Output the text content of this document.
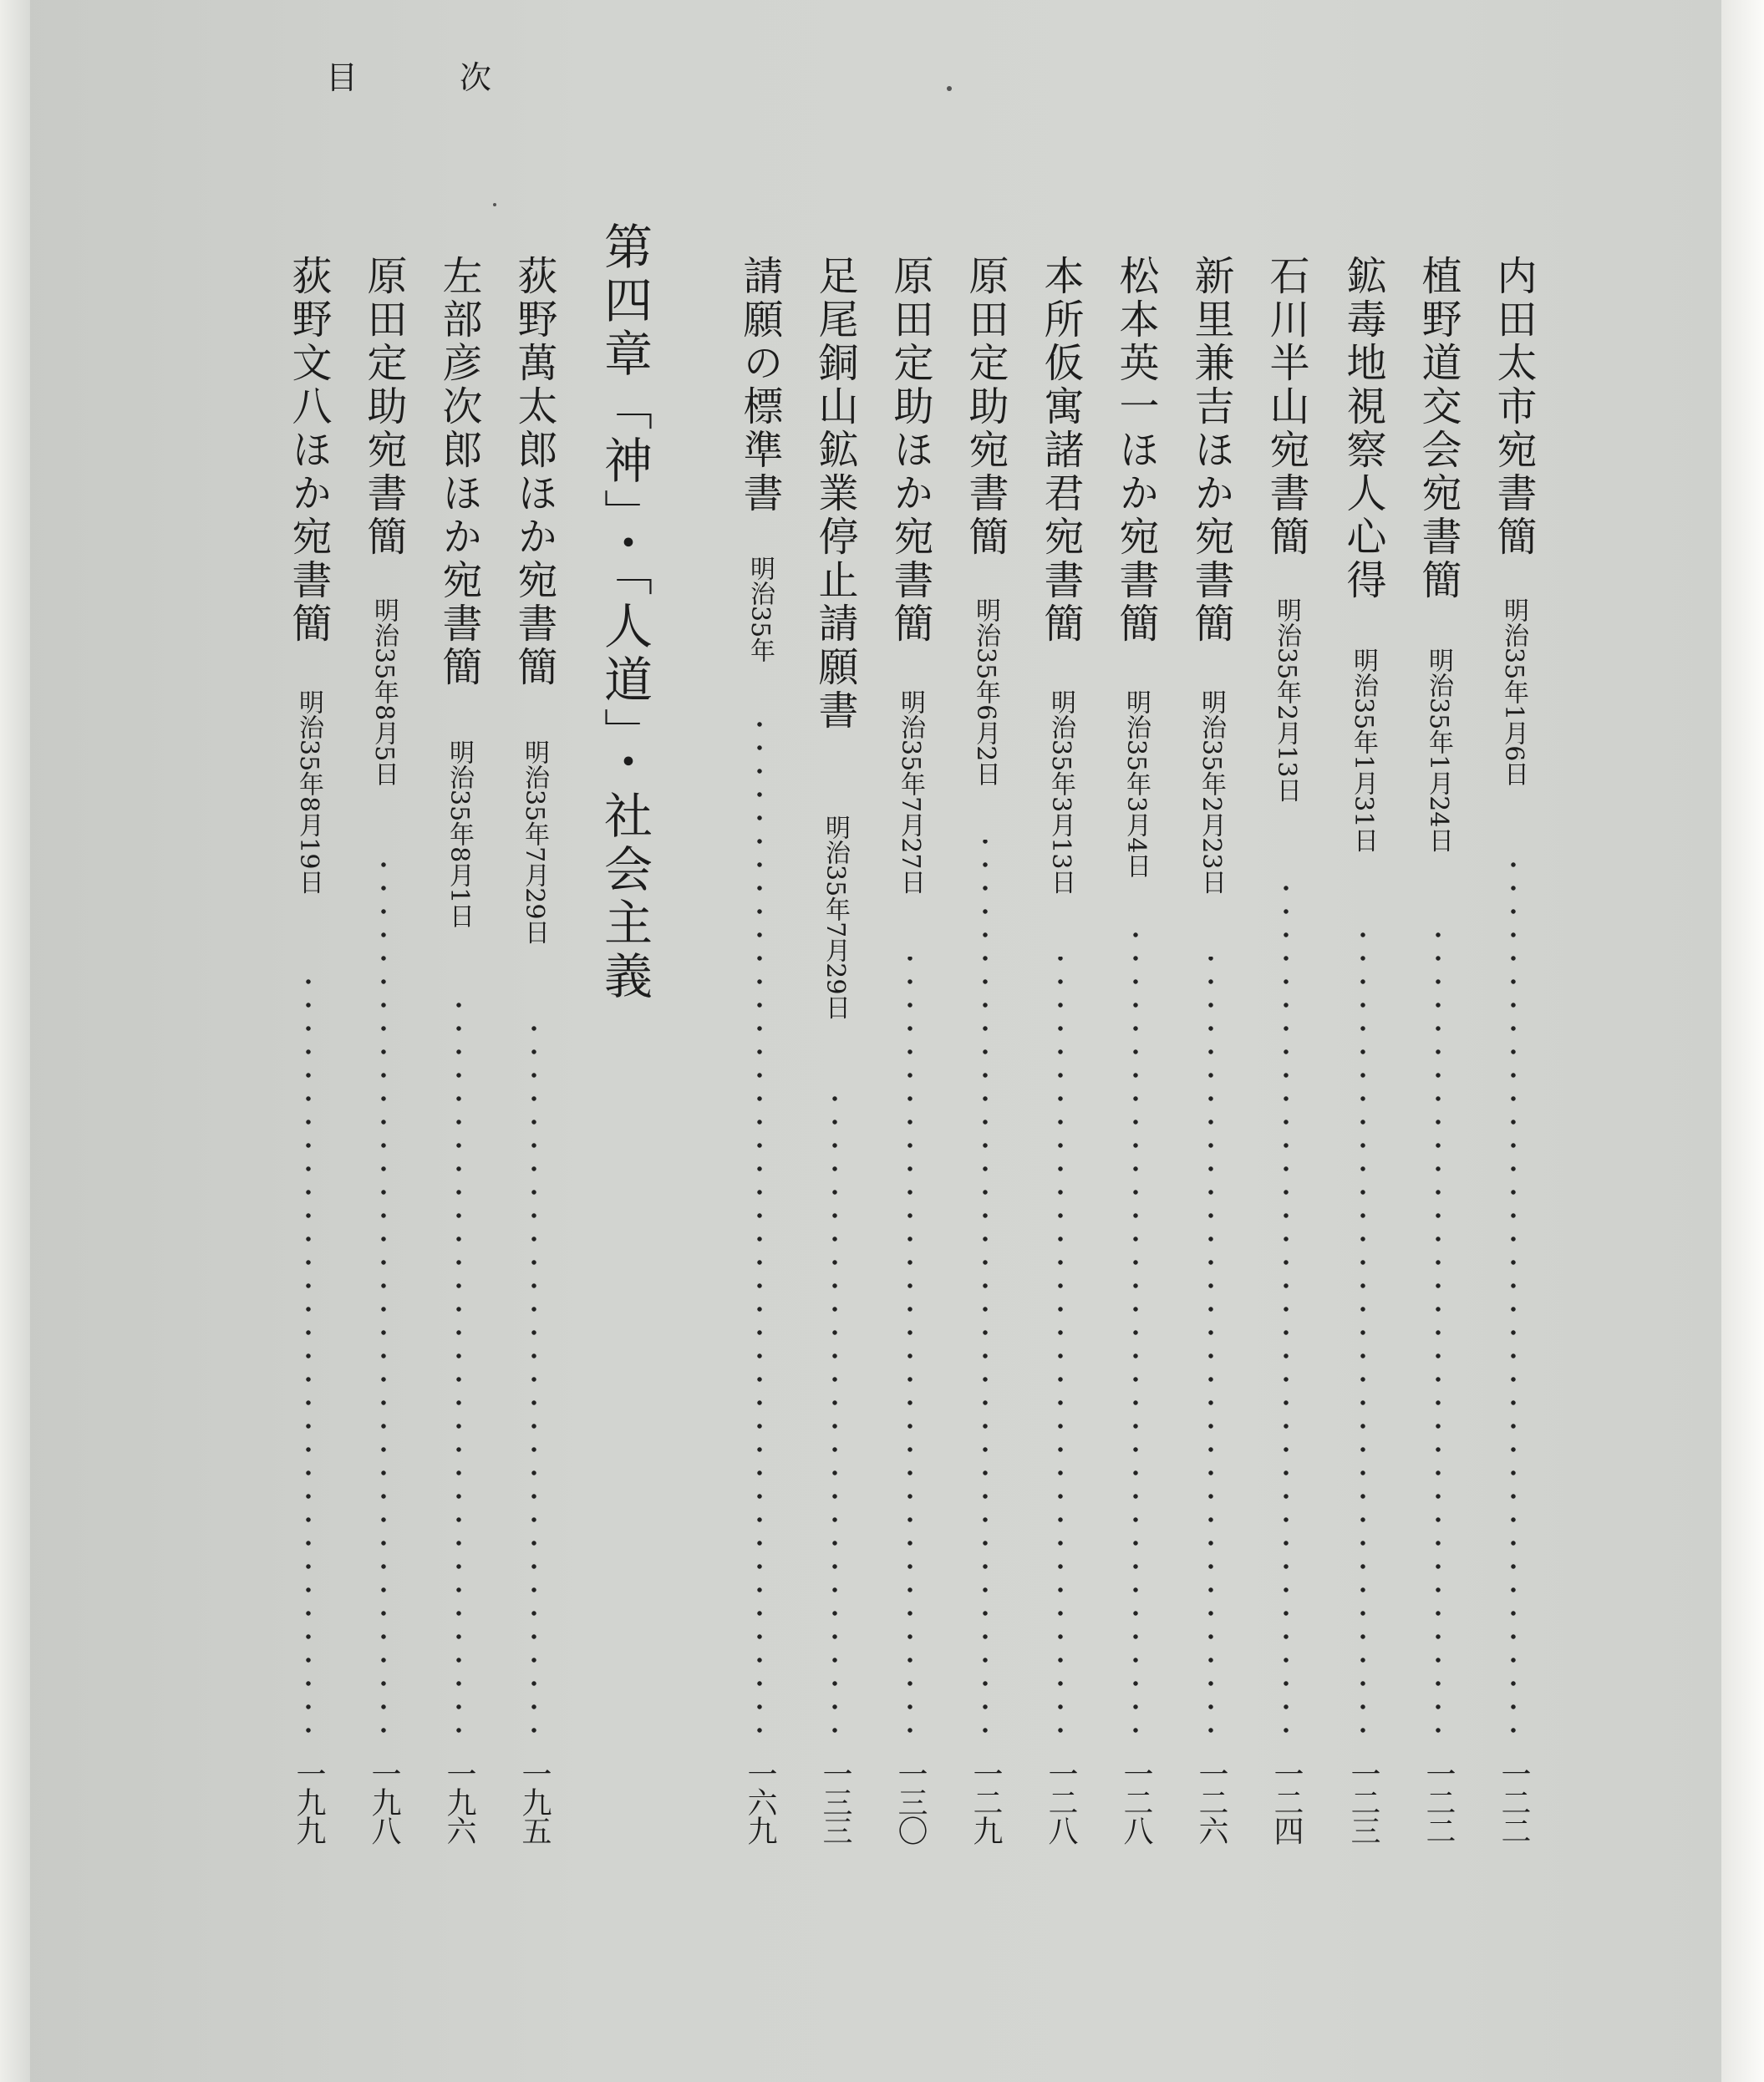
目	次
内田太市宛書簡
明治35年1月6日
一二二
植野道交会宛書簡
明治35年1月24日
一二二
鉱毒地視察人心得
明治35年1月31日
一二三
石川半山宛書簡
明治35年2月13日
一二四
新里兼吉ほか宛書簡
明治35年2月23日
一二六
松本英一ほか宛書簡
明治35年3月4日
一二八
本所仮寓諸君宛書簡
明治35年3月13日
一二八
原田定助宛書簡
明治35年6月2日
一二九
原田定助ほか宛書簡
明治35年7月27日
一三〇
足尾銅山鉱業停止請願書
明治35年7月29日
一三三
請願の標準書
明治35年
一六九
第四章「神」・「人道」・社会主義
荻野萬太郎ほか宛書簡
明治35年7月29日
一九五
左部彦次郎ほか宛書簡
明治35年8月1日
一九六
原田定助宛書簡
明治35年8月5日
一九八
荻野文八ほか宛書簡
明治35年8月19日
一九九
